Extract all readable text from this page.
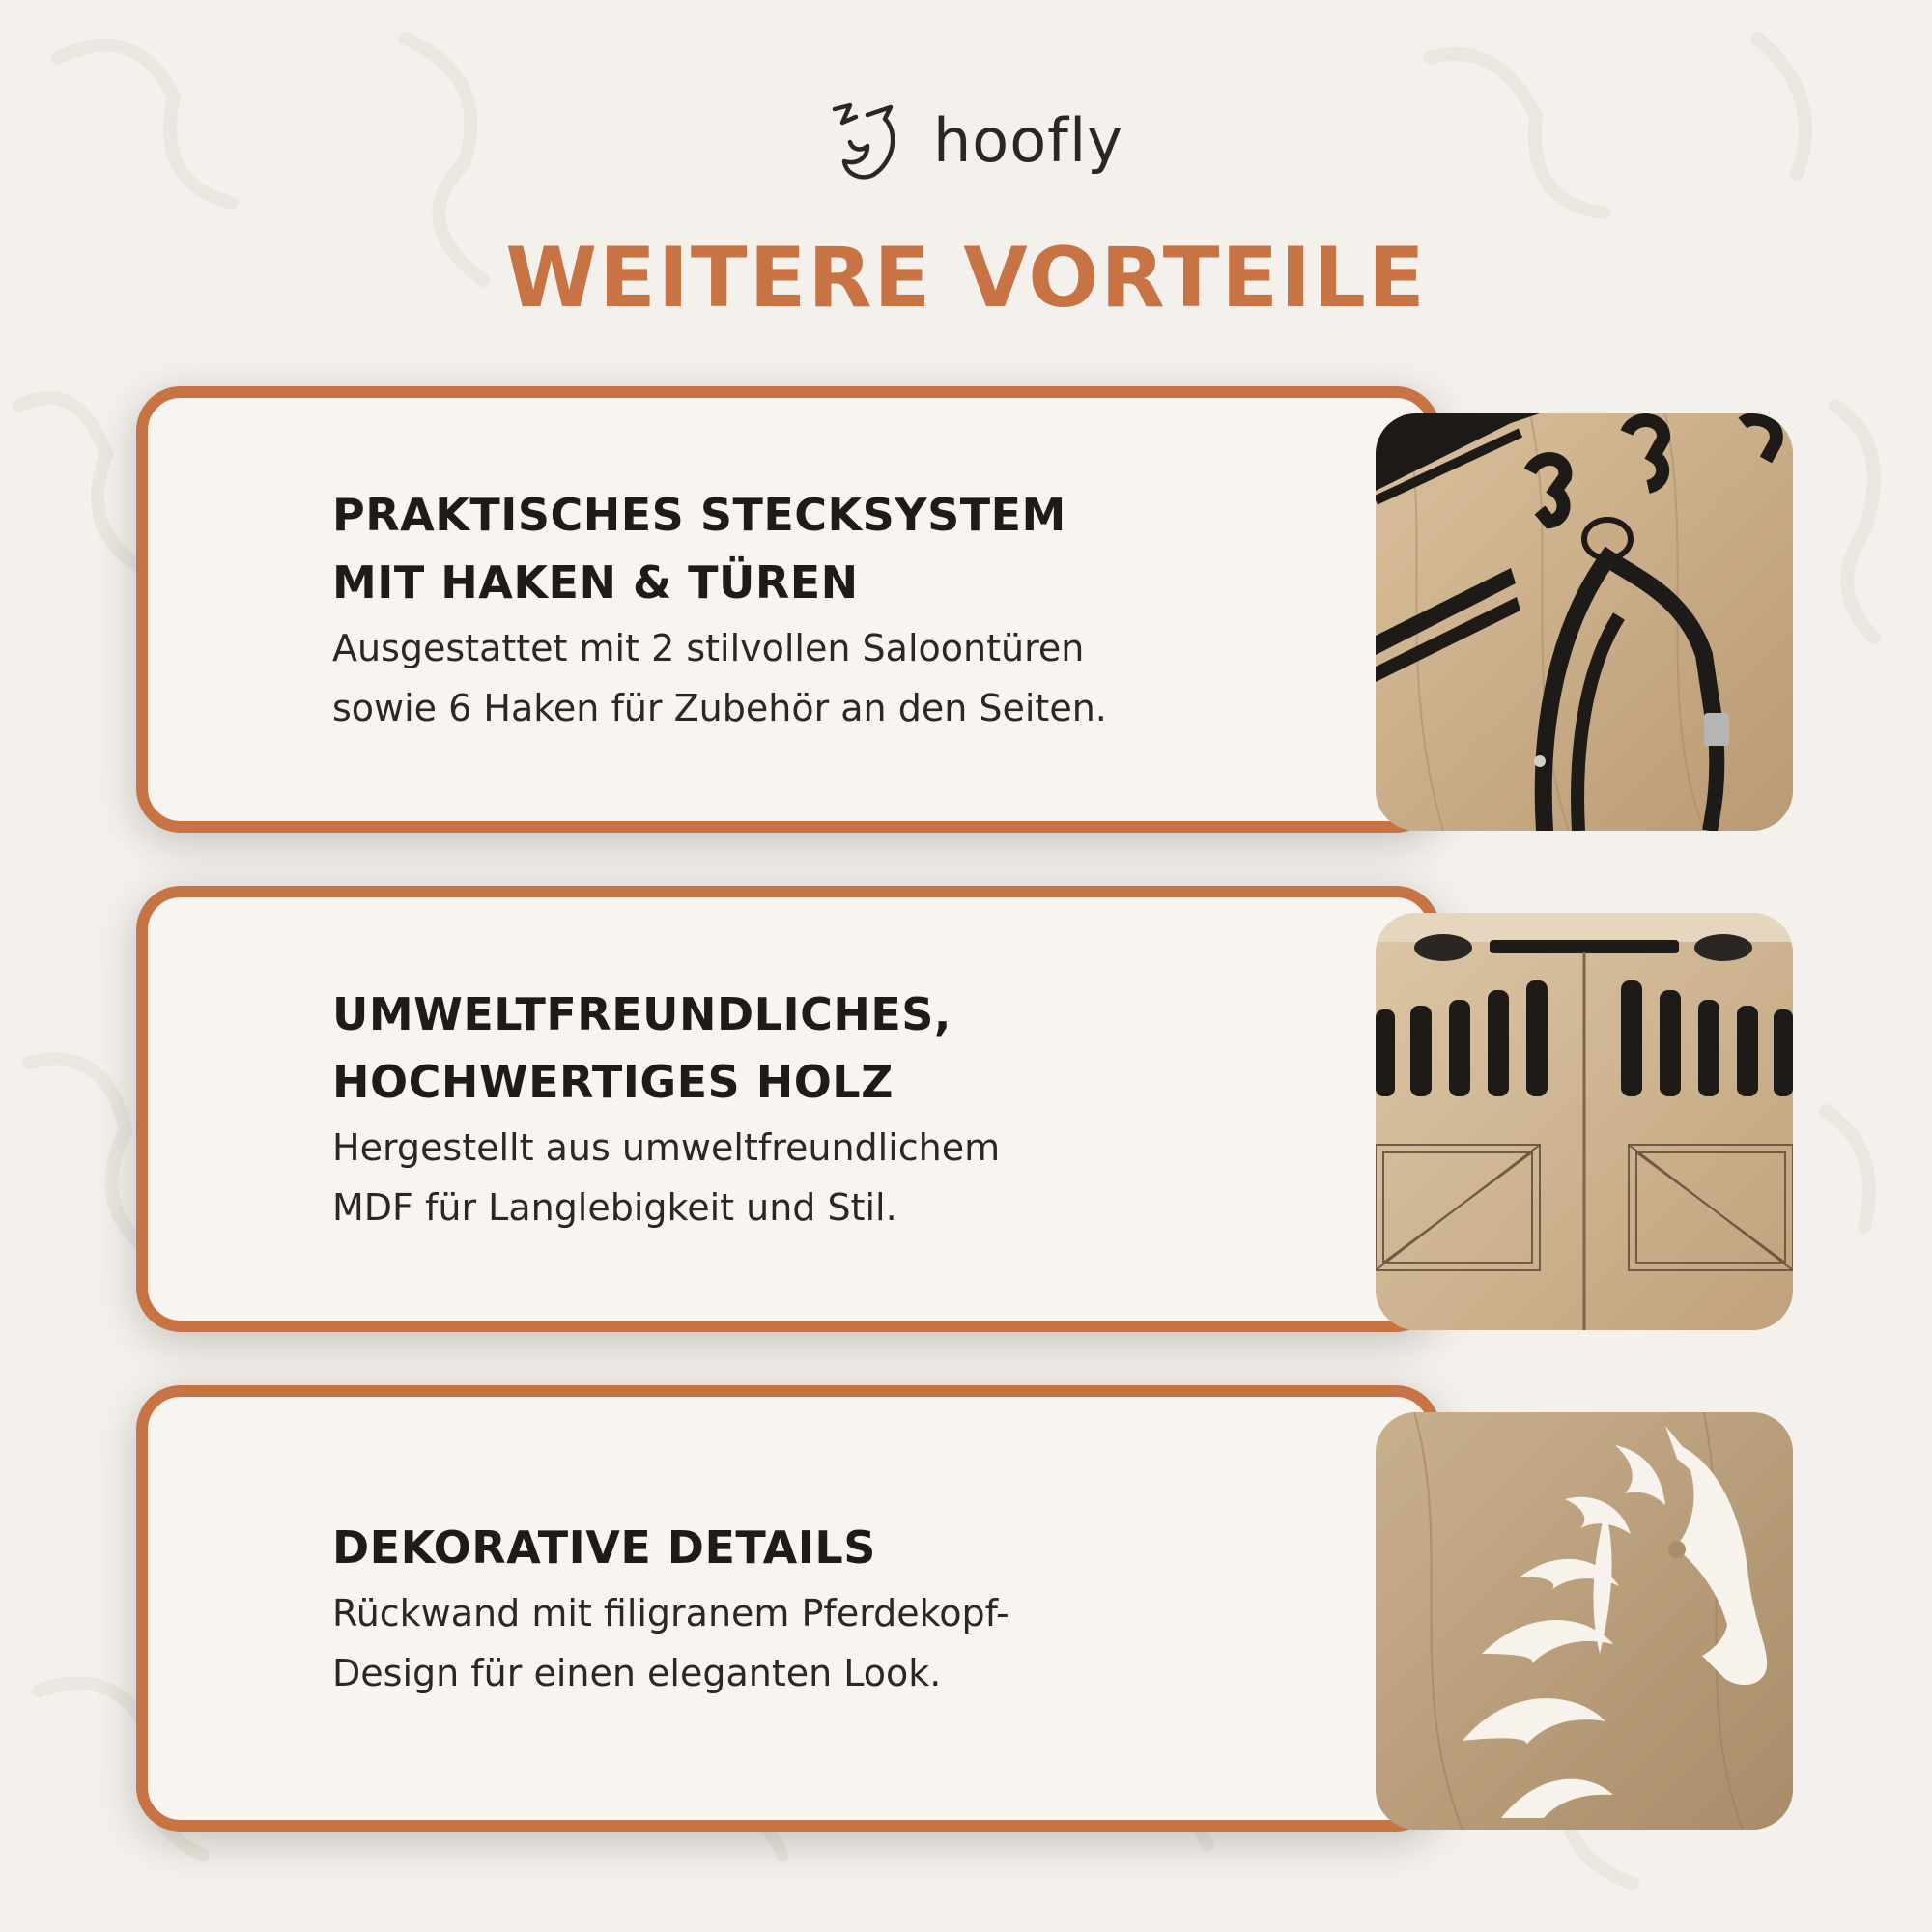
hoofly
WEITERE VORTEILE
PRAKTISCHES STECKSYSTEM
MIT HAKEN & TÜREN

Ausgestattet mit 2 stilvollen Saloontüren
sowie 6 Haken für Zubehör an den Seiten.

UMWELTFREUNDLICHES,
HOCHWERTIGES HOLZ

Hergestellt aus umweltfreundlichem
MDF für Langlebigkeit und Stil.

DEKORATIVE DETAILS

Rückwand mit filigranem Pferdekopf-
Design für einen eleganten Look.
